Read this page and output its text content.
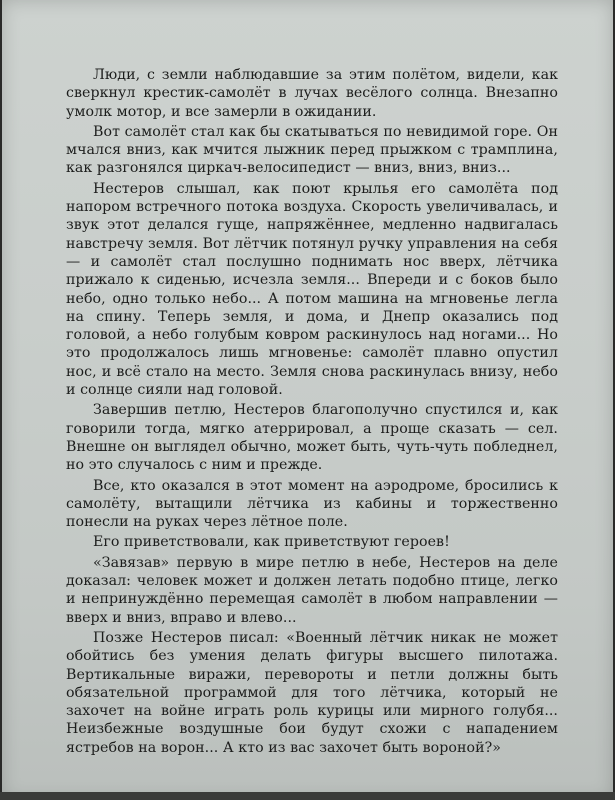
Люди, с земли наблюдавшие за этим полётом, видели, как сверкнул крестик-самолёт в лучах весёлого солнца. Внезапно умолк мотор, и все замерли в ожидании.

Вот самолёт стал как бы скатываться по невидимой горе. Он мчался вниз, как мчится лыжник перед прыжком с трамплина, как разгонялся циркач-велосипедист — вниз, вниз, вниз...

Нестеров слышал, как поют крылья его самолёта под напором встречного потока воздуха. Скорость увеличивалась, и звук этот делался гуще, напряжённее, медленно надвигалась навстречу земля. Вот лётчик потянул ручку управления на себя — и самолёт стал послушно поднимать нос вверх, лётчика прижало к сиденью, исчезла земля... Впереди и с боков было небо, одно только небо... А потом машина на мгновенье легла на спину. Теперь земля, и дома, и Днепр оказались под головой, а небо голубым ковром раскинулось над ногами... Но это продолжалось лишь мгновенье: самолёт плавно опустил нос, и всё стало на место. Земля снова раскинулась внизу, небо и солнце сияли над головой.

Завершив петлю, Нестеров благополучно спустился и, как говорили тогда, мягко атеррировал, а проще сказать — сел. Внешне он выглядел обычно, может быть, чуть-чуть побледнел, но это случалось с ним и прежде.

Все, кто оказался в этот момент на аэродроме, бросились к самолёту, вытащили лётчика из кабины и торжественно понесли на руках через лётное поле.

Его приветствовали, как приветствуют героев!

«Завязав» первую в мире петлю в небе, Нестеров на деле доказал: человек может и должен летать подобно птице, легко и непринуждённо перемещая самолёт в любом направлении — вверх и вниз, вправо и влево...

Позже Нестеров писал: «Военный лётчик никак не может обойтись без умения делать фигуры высшего пилотажа. Вертикальные виражи, перевороты и петли должны быть обязательной программой для того лётчика, который не захочет на войне играть роль курицы или мирного голубя... Неизбежные воздушные бои будут схожи с нападением ястребов на ворон... А кто из вас захочет быть вороной?»
